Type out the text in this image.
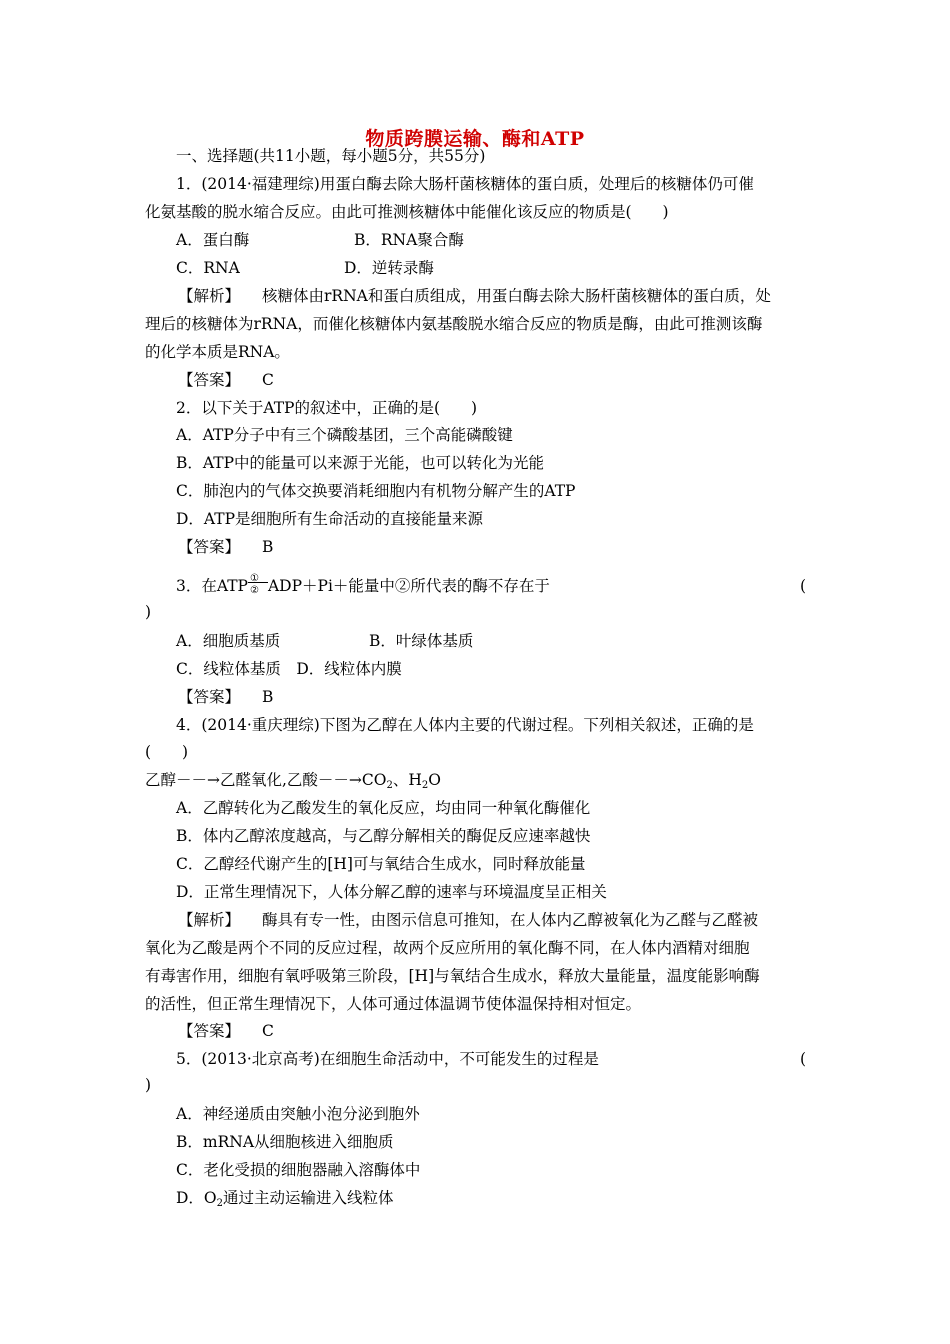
物质跨膜运输、酶和ATP
一、选择题(共11小题，每小题5分，共55分)
1．(2014·福建理综)用蛋白酶去除大肠杆菌核糖体的蛋白质，处理后的核糖体仍可催
化氨基酸的脱水缩合反应。由此可推测核糖体中能催化该反应的物质是(　　)
A．蛋白酶	B．RNA聚合酶
C．RNA	D．逆转录酶
【解析】 核糖体由rRNA和蛋白质组成，用蛋白酶去除大肠杆菌核糖体的蛋白质，处
理后的核糖体为rRNA，而催化核糖体内氨基酸脱水缩合反应的物质是酶，由此可推测该酶
的化学本质是RNA。
【答案】 C
2．以下关于ATP的叙述中，正确的是(　　)
A．ATP分子中有三个磷酸基团，三个高能磷酸键
B．ATP中的能量可以来源于光能，也可以转化为光能
C．肺泡内的气体交换要消耗细胞内有机物分解产生的ATP
D．ATP是细胞所有生命活动的直接能量来源
【答案】 B
3．在ATP ①
② ADP＋Pi＋能量中②所代表的酶不存在于	(
)
A．细胞质基质	B．叶绿体基质
C．线粒体基质　D．线粒体内膜
【答案】 B
4．(2014·重庆理综)下图为乙醇在人体内主要的代谢过程。下列相关叙述，正确的是
(　　)
乙醇－－→乙醛氧化,乙酸$--\to CO_2$、$H_2O$
A．乙醇转化为乙酸发生的氧化反应，均由同一种氧化酶催化
B．体内乙醇浓度越高，与乙醇分解相关的酶促反应速率越快
C．乙醇经代谢产生的[H]可与氧结合生成水，同时释放能量
D．正常生理情况下，人体分解乙醇的速率与环境温度呈正相关
【解析】 酶具有专一性，由图示信息可推知，在人体内乙醇被氧化为乙醛与乙醛被
氧化为乙酸是两个不同的反应过程，故两个反应所用的氧化酶不同，在人体内酒精对细胞
有毒害作用，细胞有氧呼吸第三阶段，[H]与氧结合生成水，释放大量能量，温度能影响酶
的活性，但正常生理情况下，人体可通过体温调节使体温保持相对恒定。
【答案】 C
5．(2013·北京高考)在细胞生命活动中，不可能发生的过程是	(
)
A．神经递质由突触小泡分泌到胞外
B．mRNA从细胞核进入细胞质
C．老化受损的细胞器融入溶酶体中
D．$O_2$通过主动运输进入线粒体
